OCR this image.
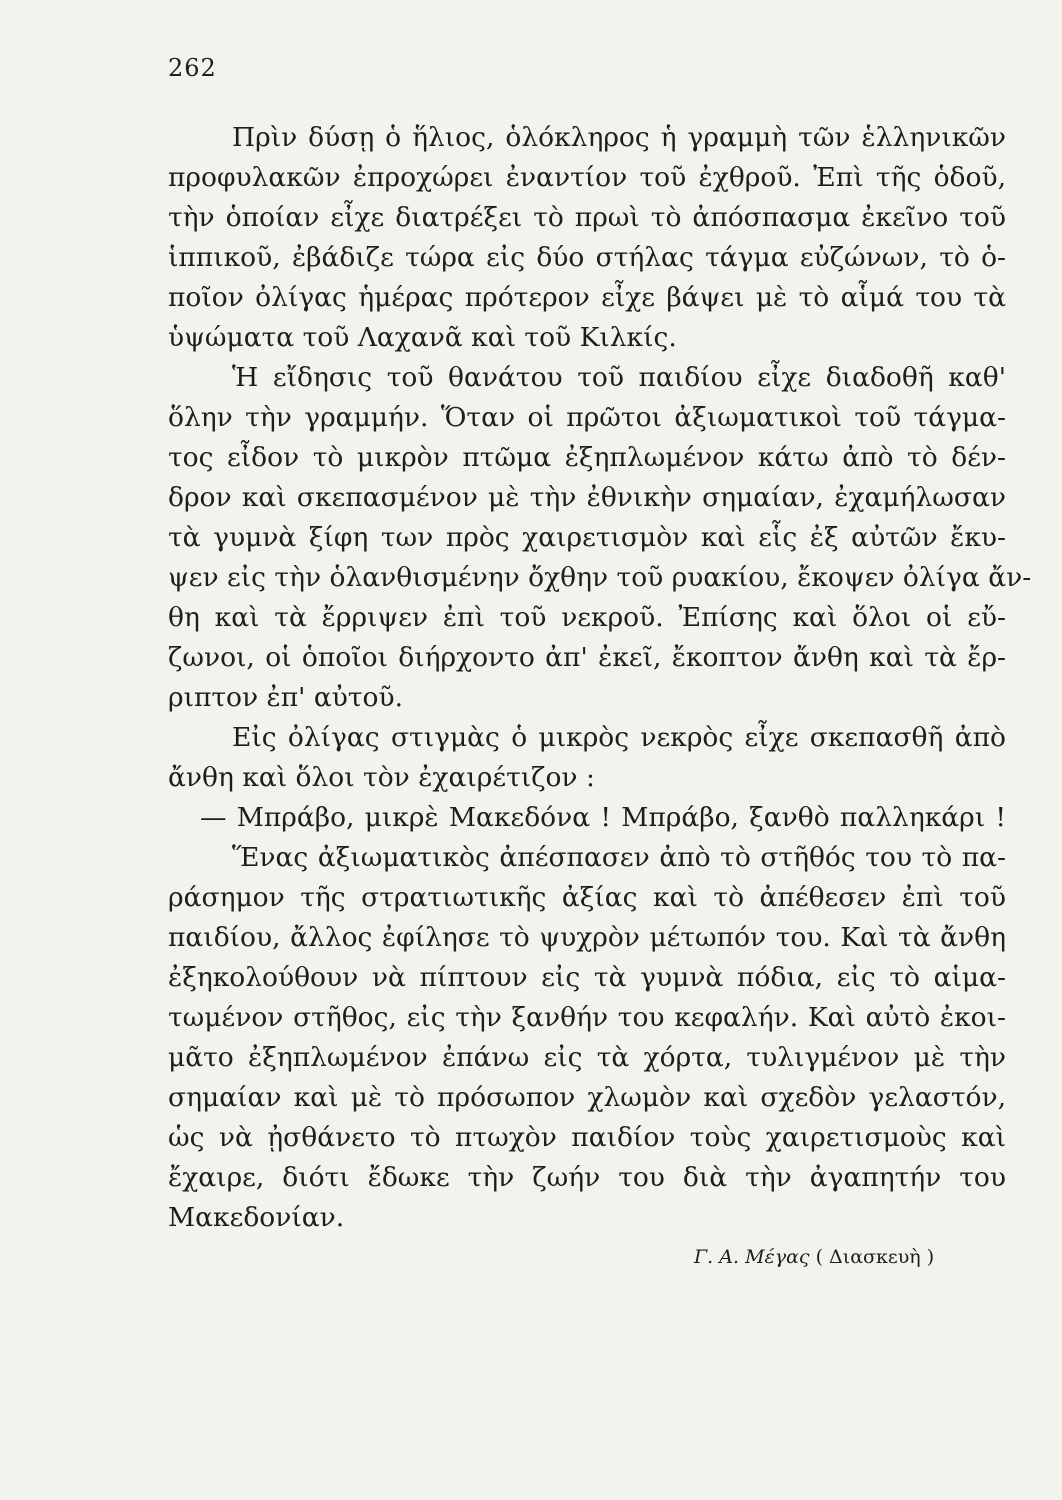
262
Πρὶν δύσῃ ὁ ἥλιος, ὁλόκληρος ἡ γραμμὴ τῶν ἑλληνικῶν
προφυλακῶν ἐπροχώρει ἐναντίον τοῦ ἐχθροῦ. Ἐπὶ τῆς ὁδοῦ,
τὴν ὁποίαν εἶχε διατρέξει τὸ πρωὶ τὸ ἀπόσπασμα ἐκεῖνο τοῦ
ἱππικοῦ, ἐβάδιζε τώρα εἰς δύο στήλας τάγμα εὐζώνων, τὸ ὁ-
ποῖον ὀλίγας ἡμέρας πρότερον εἶχε βάψει μὲ τὸ αἷμά του τὰ
ὑψώματα τοῦ Λαχανᾶ καὶ τοῦ Κιλκίς.
Ἡ εἴδησις τοῦ θανάτου τοῦ παιδίου εἶχε διαδοθῆ καθ'
ὅλην τὴν γραμμήν. Ὅταν οἱ πρῶτοι ἀξιωματικοὶ τοῦ τάγμα-
τος εἶδον τὸ μικρὸν πτῶμα ἐξηπλωμένον κάτω ἀπὸ τὸ δέν-
δρον καὶ σκεπασμένον μὲ τὴν ἐθνικὴν σημαίαν, ἐχαμήλωσαν
τὰ γυμνὰ ξίφη των πρὸς χαιρετισμὸν καὶ εἷς ἐξ αὐτῶν ἔκυ-
ψεν εἰς τὴν ὁλανθισμένην ὄχθην τοῦ ρυακίου, ἔκοψεν ὀλίγα ἄν-
θη καὶ τὰ ἔρριψεν ἐπὶ τοῦ νεκροῦ. Ἐπίσης καὶ ὅλοι οἱ εὔ-
ζωνοι, οἱ ὁποῖοι διήρχοντο ἀπ' ἐκεῖ, ἔκοπτον ἄνθη καὶ τὰ ἔρ-
ριπτον ἐπ' αὐτοῦ.
Εἰς ὀλίγας στιγμὰς ὁ μικρὸς νεκρὸς εἶχε σκεπασθῆ ἀπὸ
ἄνθη καὶ ὅλοι τὸν ἐχαιρέτιζον :
— Μπράβο, μικρὲ Μακεδόνα ! Μπράβο, ξανθὸ παλληκάρι !
Ἕνας ἀξιωματικὸς ἀπέσπασεν ἀπὸ τὸ στῆθός του τὸ πα-
ράσημον τῆς στρατιωτικῆς ἀξίας καὶ τὸ ἀπέθεσεν ἐπὶ τοῦ
παιδίου, ἄλλος ἐφίλησε τὸ ψυχρὸν μέτωπόν του. Καὶ τὰ ἄνθη
ἐξηκολούθουν νὰ πίπτουν εἰς τὰ γυμνὰ πόδια, εἰς τὸ αἱμα-
τωμένον στῆθος, εἰς τὴν ξανθήν του κεφαλήν. Καὶ αὐτὸ ἐκοι-
μᾶτο ἐξηπλωμένον ἐπάνω εἰς τὰ χόρτα, τυλιγμένον μὲ τὴν
σημαίαν καὶ μὲ τὸ πρόσωπον χλωμὸν καὶ σχεδὸν γελαστόν,
ὡς νὰ ᾐσθάνετο τὸ πτωχὸν παιδίον τοὺς χαιρετισμοὺς καὶ
ἔχαιρε, διότι ἔδωκε τὴν ζωήν του διὰ τὴν ἀγαπητήν του
Μακεδονίαν.
Γ. Α. Μέγας ( Διασκευὴ )
